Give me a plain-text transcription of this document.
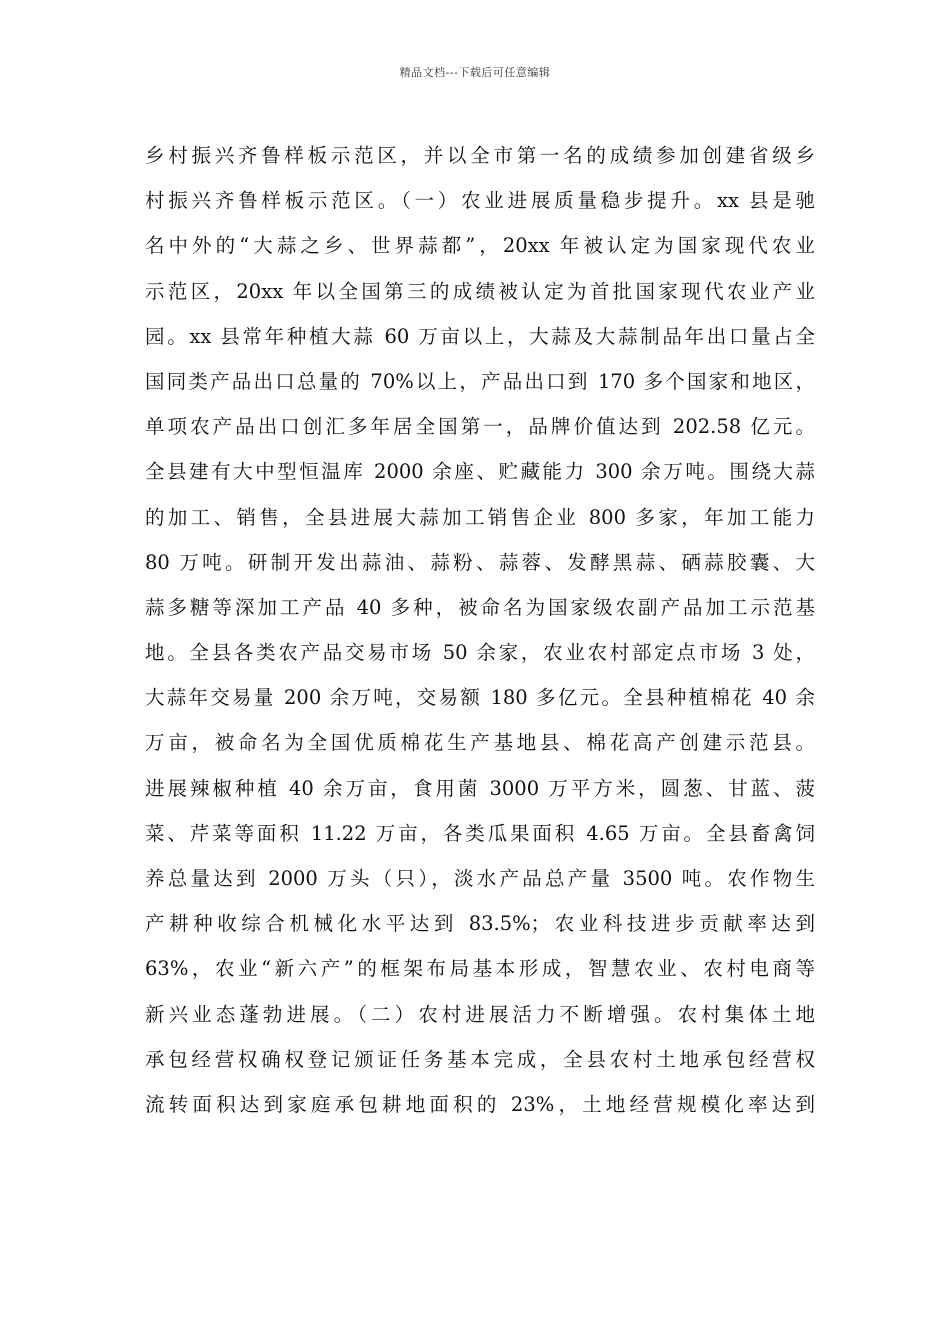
精品文档---下载后可任意编辑
乡村振兴齐鲁样板示范区，并以全市第一名的成绩参加创建省级乡
村振兴齐鲁样板示范区。（一）农业进展质量稳步提升。xx 县是驰
名中外的“大蒜之乡、世界蒜都”，20xx 年被认定为国家现代农业
示范区，20xx 年以全国第三的成绩被认定为首批国家现代农业产业
园。xx 县常年种植大蒜 60 万亩以上，大蒜及大蒜制品年出口量占全
国同类产品出口总量的 70%以上，产品出口到 170 多个国家和地区，
单项农产品出口创汇多年居全国第一，品牌价值达到 202.58 亿元。
全县建有大中型恒温库 2000 余座、贮藏能力 300 余万吨。围绕大蒜
的加工、销售，全县进展大蒜加工销售企业 800 多家，年加工能力
80 万吨。研制开发出蒜油、蒜粉、蒜蓉、发酵黑蒜、硒蒜胶囊、大
蒜多糖等深加工产品 40 多种，被命名为国家级农副产品加工示范基
地。全县各类农产品交易市场 50 余家，农业农村部定点市场 3 处，
大蒜年交易量 200 余万吨，交易额 180 多亿元。全县种植棉花 40 余
万亩，被命名为全国优质棉花生产基地县、棉花高产创建示范县。
进展辣椒种植 40 余万亩，食用菌 3000 万平方米，圆葱、甘蓝、菠
菜、芹菜等面积 11.22 万亩，各类瓜果面积 4.65 万亩。全县畜禽饲
养总量达到 2000 万头（只），淡水产品总产量 3500 吨。农作物生
产耕种收综合机械化水平达到 83.5%；农业科技进步贡献率达到
63%，农业“新六产”的框架布局基本形成，智慧农业、农村电商等
新兴业态蓬勃进展。（二）农村进展活力不断增强。农村集体土地
承包经营权确权登记颁证任务基本完成，全县农村土地承包经营权
流转面积达到家庭承包耕地面积的 23%，土地经营规模化率达到
